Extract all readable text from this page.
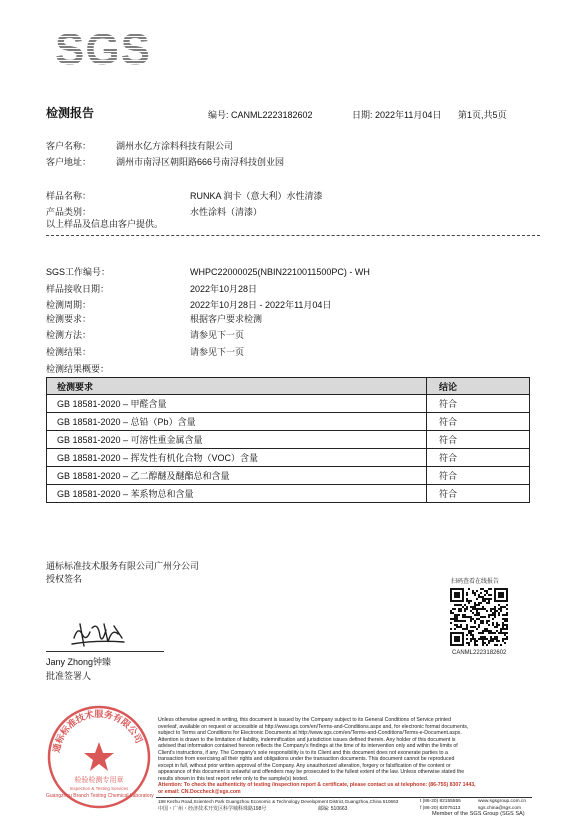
SGS
检测报告	编号: CANML2223182602	日期: 2022年11月04日 第1页,共5页
客户名称：	湖州水亿方涂料科技有限公司
客户地址：	湖州市南浔区朝阳路666号南浔科技创业园
样品名称：	RUNKA 润卡（意大利）水性清漆
产品类别：	水性涂料（清漆）
以上样品及信息由客户提供。
SGS工作编号：	WHPC22000025(NBIN2210011500PC) - WH
样品接收日期：	2022年10月28日
检测周期：	2022年10月28日 - 2022年11月04日
检测要求：	根据客户要求检测
检测方法：	请参见下一页
检测结果：	请参见下一页
检测结果概要：
检测要求	结论
GB 18581-2020 – 甲醛含量	符合
GB 18581-2020 – 总铅（Pb）含量	符合
GB 18581-2020 – 可溶性重金属含量	符合
GB 18581-2020 – 挥发性有机化合物（VOC）含量	符合
GB 18581-2020 – 乙二醇醚及醚酯总和含量	符合
GB 18581-2020 – 苯系物总和含量	符合
通标标准技术服务有限公司广州分公司
授权签名
Jany Zhong钟臻
批准签署人
扫码查看在线报告
CANML2223182602
通标标准技术服务有限公司
检验检测专用章
Inspection & Testing Services
Guangzhou Branch Testing Chemical Laboratory
Unless otherwise agreed in writing, this document is issued by the Company subject to its General Conditions of Service printed
overleaf, available on request or accessible at http://www.sgs.com/en/Terms-and-Conditions.aspx and, for electronic format documents,
subject to Terms and Conditions for Electronic Documents at http://www.sgs.com/en/Terms-and-Conditions/Terms-e-Document.aspx.
Attention is drawn to the limitation of liability, indemnification and jurisdiction issues defined therein. Any holder of this document is
advised that information contained hereon reflects the Company's findings at the time of its intervention only and within the limits of
Client's instructions, if any. The Company's sole responsibility is to its Client and this document does not exonerate parties to a
transaction from exercising all their rights and obligations under the transaction documents. This document cannot be reproduced
except in full, without prior written approval of the Company. Any unauthorized alteration, forgery or falsification of the content or
appearance of this document is unlawful and offenders may be prosecuted to the fullest extent of the law. Unless otherwise stated the
results shown in this test report refer only to the sample(s) tested.
Attention: To check the authenticity of testing /inspection report & certificate, please contact us at telephone: (86-755) 8307 1443,
or email: CN.Doccheck@sgs.com
198 Kezhu Road,Scientech Park Guangzhou Economic & Technology Development District,Guangzhou,China 510663	t (86-20) 82155555	www.sgsgroup.com.cn
中国・广州・经济技术开发区科学城科珠路198号	邮编: 510663	f (86-20) 82075113	sgs.china@sgs.com
Member of the SGS Group (SGS SA)
